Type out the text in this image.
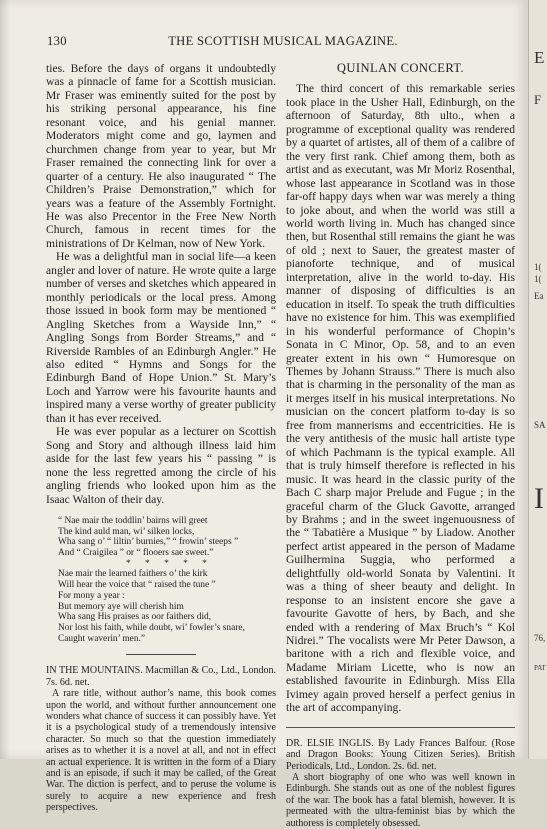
130	THE SCOTTISH MUSICAL MAGAZINE.

ties. Before the days of organs it undoubtedly was a pinnacle of fame for a Scottish musician. Mr Fraser was eminently suited for the post by his striking personal appearance, his fine resonant voice, and his genial manner. Moderators might come and go, laymen and churchmen change from year to year, but Mr Fraser remained the connecting link for over a quarter of a century. He also inaugurated “ The Children’s Praise Demonstration,” which for years was a feature of the Assembly Fortnight. He was also Precentor in the Free New North Church, famous in recent times for the ministrations of Dr Kelman, now of New York.

He was a delightful man in social life—a keen angler and lover of nature. He wrote quite a large number of verses and sketches which appeared in monthly periodicals or the local press. Among those issued in book form may be mentioned “ Angling Sketches from a Wayside Inn,” “ Angling Songs from Border Streams,” and “ Riverside Rambles of an Edinburgh Angler.” He also edited “ Hymns and Songs for the Edinburgh Band of Hope Union.” St. Mary’s Loch and Yarrow were his favourite haunts and inspired many a verse worthy of greater publicity than it has ever received.

He was ever popular as a lecturer on Scottish Song and Story and although illness laid him aside for the last few years his “ passing ” is none the less regretted among the circle of his angling friends who looked upon him as the Isaac Walton of their day.

“ Nae mair the toddlin’ bairns will greet
The kind auld man, wi’ silken locks,
Wha sang o’ “ liltin’ burnies,” “ frowin’ steeps ”
And “ Craigilea ” or “ flooers sae sweet.”
* * * * *
Nae mair the learned faithers o’ the kirk
Will hear the voice that “ raised the tune ”
For mony a year :
But memory aye will cherish him
Wha sang His praises as oor faithers did,
Nor lost his faith, while doubt, wi’ fowler’s snare,
Caught waverin’ men.”

IN THE MOUNTAINS. Macmillan & Co., Ltd., London. 7s. 6d. net.

A rare title, without author’s name, this book comes upon the world, and without further announcement one wonders what chance of success it can possibly have. Yet it is a psychological study of a tremendously intensive character. So much so that the question immediately arises as to whether it is a novel at all, and not in effect an actual experience. It is written in the form of a Diary and is an episode, if such it may be called, of the Great War. The diction is perfect, and to peruse the volume is surely to acquire a new experience and fresh perspectives.

QUINLAN CONCERT.

The third concert of this remarkable series took place in the Usher Hall, Edinburgh, on the afternoon of Saturday, 8th ulto., when a programme of exceptional quality was rendered by a quartet of artistes, all of them of a calibre of the very first rank. Chief among them, both as artist and as executant, was Mr Moriz Rosenthal, whose last appearance in Scotland was in those far-off happy days when war was merely a thing to joke about, and when the world was still a world worth living in. Much has changed since then, but Rosenthal still remains the giant he was of old ; next to Sauer, the greatest master of pianoforte technique, and of musical interpretation, alive in the world to-day. His manner of disposing of difficulties is an education in itself. To speak the truth difficulties have no existence for him. This was exemplified in his wonderful performance of Chopin’s Sonata in C Minor, Op. 58, and to an even greater extent in his own “ Humoresque on Themes by Johann Strauss.” There is much also that is charming in the personality of the man as it merges itself in his musical interpretations. No musician on the concert platform to-day is so free from mannerisms and eccentricities. He is the very antithesis of the music hall artiste type of which Pachmann is the typical example. All that is truly himself therefore is reflected in his music. It was heard in the classic purity of the Bach C sharp major Prelude and Fugue ; in the graceful charm of the Gluck Gavotte, arranged by Brahms ; and in the sweet ingenuousness of the “ Tabatière a Musique ” by Liadow. Another perfect artist appeared in the person of Madame Guilhermina Suggia, who performed a delightfully old-world Sonata by Valentini. It was a thing of sheer beauty and delight. In response to an insistent encore she gave a favourite Gavotte of hers, by Bach, and she ended with a rendering of Max Bruch’s “ Kol Nidrei.” The vocalists were Mr Peter Dawson, a baritone with a rich and flexible voice, and Madame Miriam Licette, who is now an established favourite in Edinburgh. Miss Ella Ivimey again proved herself a perfect genius in the art of accompanying.

DR. ELSIE INGLIS. By Lady Frances Balfour. (Rose and Dragon Books: Young Citizen Series). British Periodicals, Ltd., London. 2s. 6d. net.

A short biography of one who was well known in Edinburgh. She stands out as one of the noblest figures of the war. The book has a fatal blemish, however. It is permeated with the ultra-feminist bias by which the authoress is completely obsessed.

E
F
1(
1(
Ea
SA
I
76,
PAT
